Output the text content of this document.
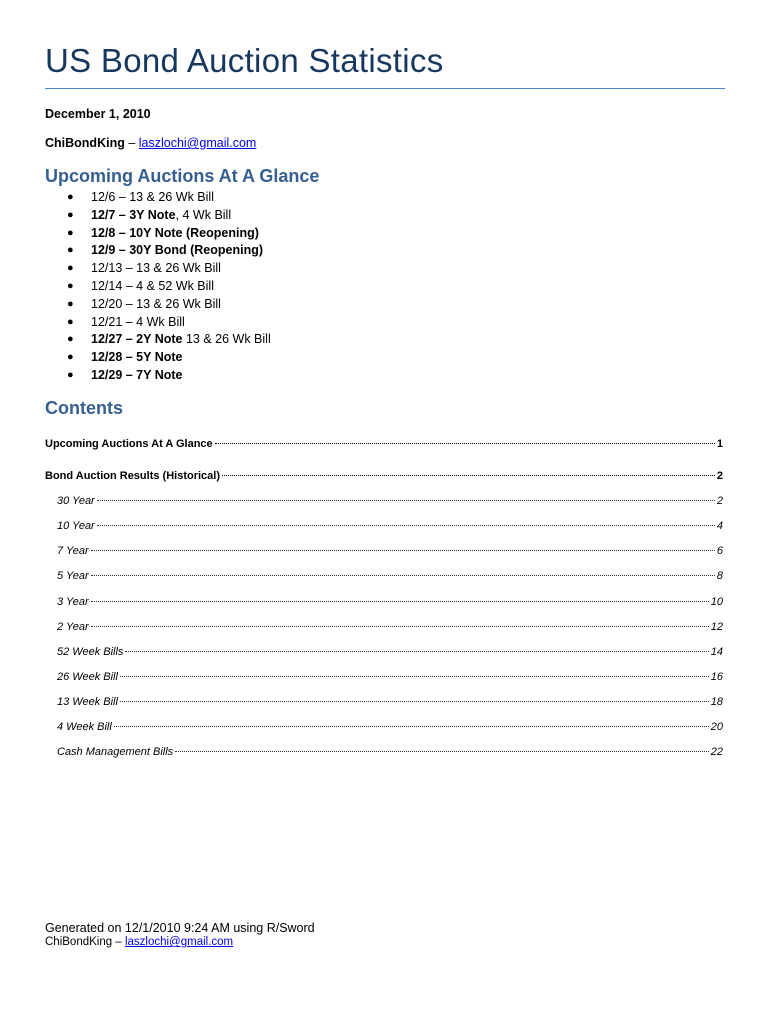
US Bond Auction Statistics
December 1, 2010
ChiBondKing – laszlochi@gmail.com
Upcoming Auctions At A Glance
● 12/6 – 13 & 26 Wk Bill
● 12/7 – 3Y Note, 4 Wk Bill
● 12/8 – 10Y Note (Reopening)
● 12/9 – 30Y Bond (Reopening)
● 12/13 – 13 & 26 Wk Bill
● 12/14 – 4 & 52 Wk Bill
● 12/20 – 13 & 26 Wk Bill
● 12/21 – 4 Wk Bill
● 12/27 – 2Y Note 13 & 26 Wk Bill
● 12/28 – 5Y Note
● 12/29 – 7Y Note
Contents
Upcoming Auctions At A Glance	1
Bond Auction Results (Historical)	2
30 Year	2
10 Year	4
7 Year	6
5 Year	8
3 Year	10
2 Year	12
52 Week Bills	14
26 Week Bill	16
13 Week Bill	18
4 Week Bill	20
Cash Management Bills	22
Generated on 12/1/2010 9:24 AM using R/Sword
ChiBondKing – laszlochi@gmail.com
